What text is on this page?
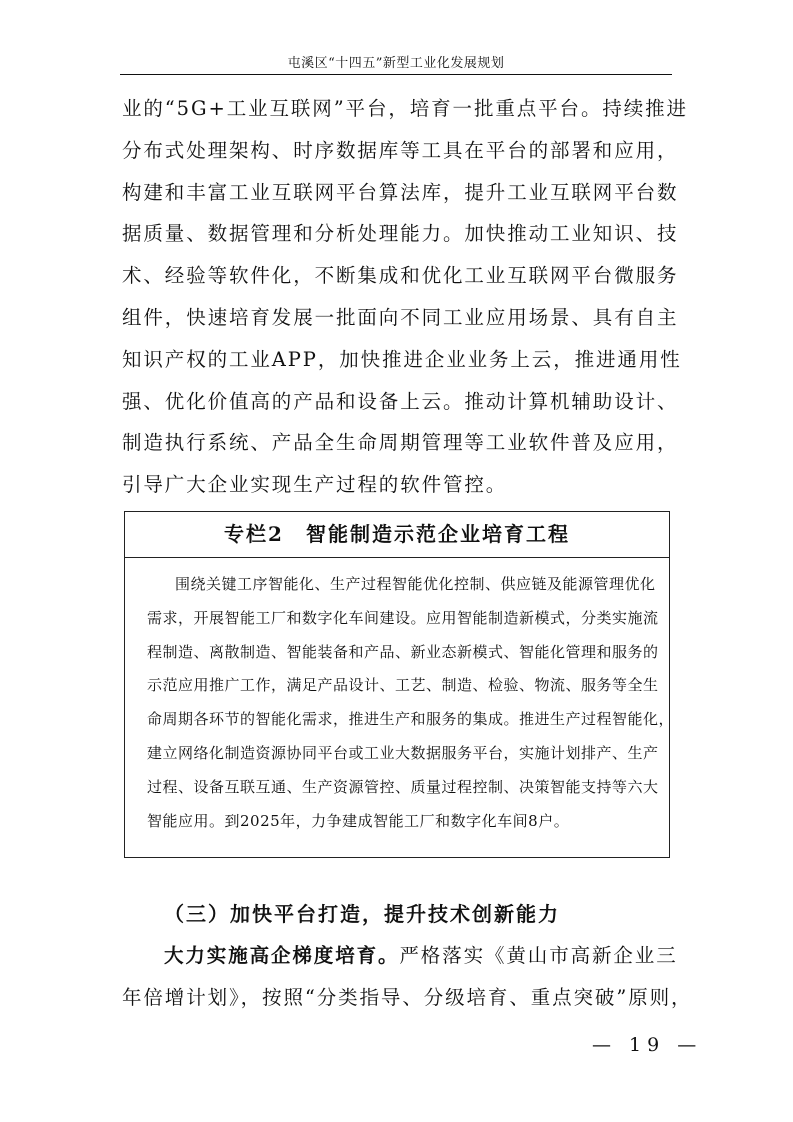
屯溪区“十四五”新型工业化发展规划
业的“5G+工业互联网”平台，培育一批重点平台。持续推进
分布式处理架构、时序数据库等工具在平台的部署和应用，
构建和丰富工业互联网平台算法库，提升工业互联网平台数
据质量、数据管理和分析处理能力。加快推动工业知识、技
术、经验等软件化，不断集成和优化工业互联网平台微服务
组件，快速培育发展一批面向不同工业应用场景、具有自主
知识产权的工业APP，加快推进企业业务上云，推进通用性
强、优化价值高的产品和设备上云。推动计算机辅助设计、
制造执行系统、产品全生命周期管理等工业软件普及应用，
引导广大企业实现生产过程的软件管控。
专栏2　智能制造示范企业培育工程
围绕关键工序智能化、生产过程智能优化控制、供应链及能源管理优化
需求，开展智能工厂和数字化车间建设。应用智能制造新模式，分类实施流
程制造、离散制造、智能装备和产品、新业态新模式、智能化管理和服务的
示范应用推广工作，满足产品设计、工艺、制造、检验、物流、服务等全生
命周期各环节的智能化需求，推进生产和服务的集成。推进生产过程智能化，
建立网络化制造资源协同平台或工业大数据服务平台，实施计划排产、生产
过程、设备互联互通、生产资源管控、质量过程控制、决策智能支持等六大
智能应用。到2025年，力争建成智能工厂和数字化车间8户。
（三）加快平台打造，提升技术创新能力
大力实施高企梯度培育。严格落实《黄山市高新企业三
年倍增计划》，按照“分类指导、分级培育、重点突破”原则，
— 19 —
